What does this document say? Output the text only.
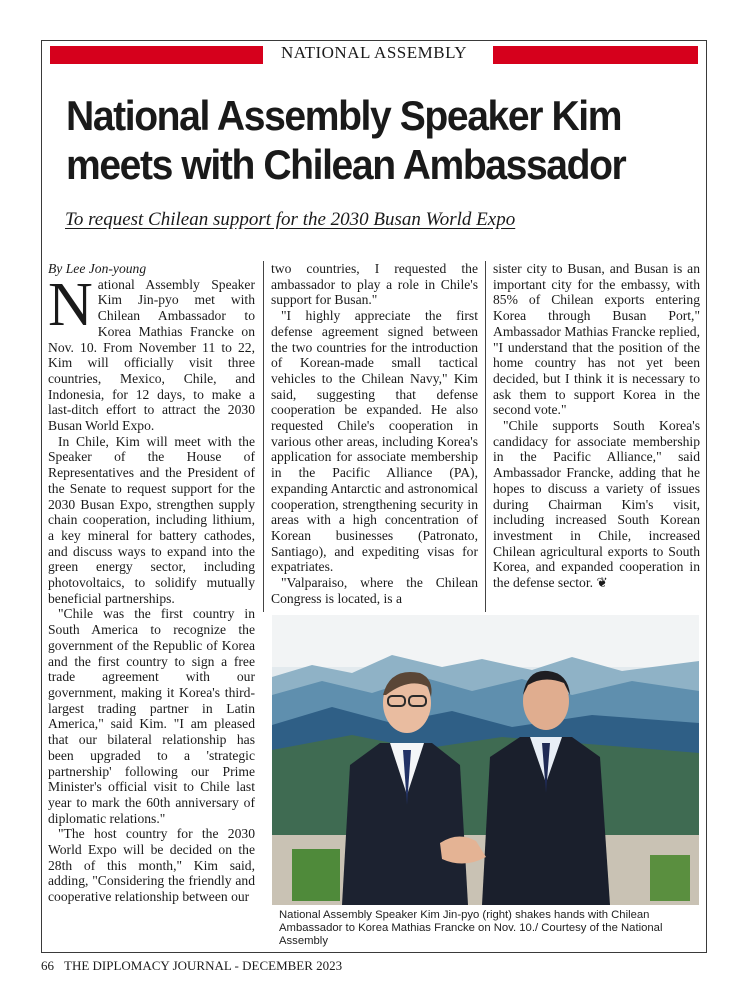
NATIONAL ASSEMBLY
National Assembly Speaker Kim meets with Chilean Ambassador
To request Chilean support for the 2030 Busan World Expo

By Lee Jon-young

National Assembly Speaker Kim Jin-pyo met with Chilean Ambassador to Korea Mathias Francke on Nov. 10. From November 11 to 22, Kim will officially visit three countries, Mexico, Chile, and Indonesia, for 12 days, to make a last-ditch effort to attract the 2030 Busan World Expo.

In Chile, Kim will meet with the Speaker of the House of Representatives and the President of the Senate to request support for the 2030 Busan Expo, strengthen supply chain cooperation, including lithium, a key mineral for battery cathodes, and discuss ways to expand into the green energy sector, including photovoltaics, to solidify mutually beneficial partnerships.

"Chile was the first country in South America to recognize the government of the Republic of Korea and the first country to sign a free trade agreement with our government, making it Korea's third-largest trading partner in Latin America," said Kim. "I am pleased that our bilateral relationship has been upgraded to a 'strategic partnership' following our Prime Minister's official visit to Chile last year to mark the 60th anniversary of diplomatic relations."

"The host country for the 2030 World Expo will be decided on the 28th of this month," Kim said, adding, "Considering the friendly and cooperative relationship between our

two countries, I requested the ambassador to play a role in Chile's support for Busan."

"I highly appreciate the first defense agreement signed between the two countries for the introduction of Korean-made small tactical vehicles to the Chilean Navy," Kim said, suggesting that defense cooperation be expanded. He also requested Chile's cooperation in various other areas, including Korea's application for associate membership in the Pacific Alliance (PA), expanding Antarctic and astronomical cooperation, strengthening security in areas with a high concentration of Korean businesses (Patronato, Santiago), and expediting visas for expatriates.

"Valparaiso, where the Chilean Congress is located, is a

sister city to Busan, and Busan is an important city for the embassy, with 85% of Chilean exports entering Korea through Busan Port," Ambassador Mathias Francke replied, "I understand that the position of the home country has not yet been decided, but I think it is necessary to ask them to support Korea in the second vote."

"Chile supports South Korea's candidacy for associate membership in the Pacific Alliance," said Ambassador Francke, adding that he hopes to discuss a variety of issues during Chairman Kim's visit, including increased South Korean investment in Chile, increased Chilean agricultural exports to South Korea, and expanded cooperation in the defense sector. ❦

National Assembly Speaker Kim Jin-pyo (right) shakes hands with Chilean Ambassador to Korea Mathias Francke on Nov. 10./ Courtesy of the National Assembly
66 THE DIPLOMACY JOURNAL - DECEMBER 2023
